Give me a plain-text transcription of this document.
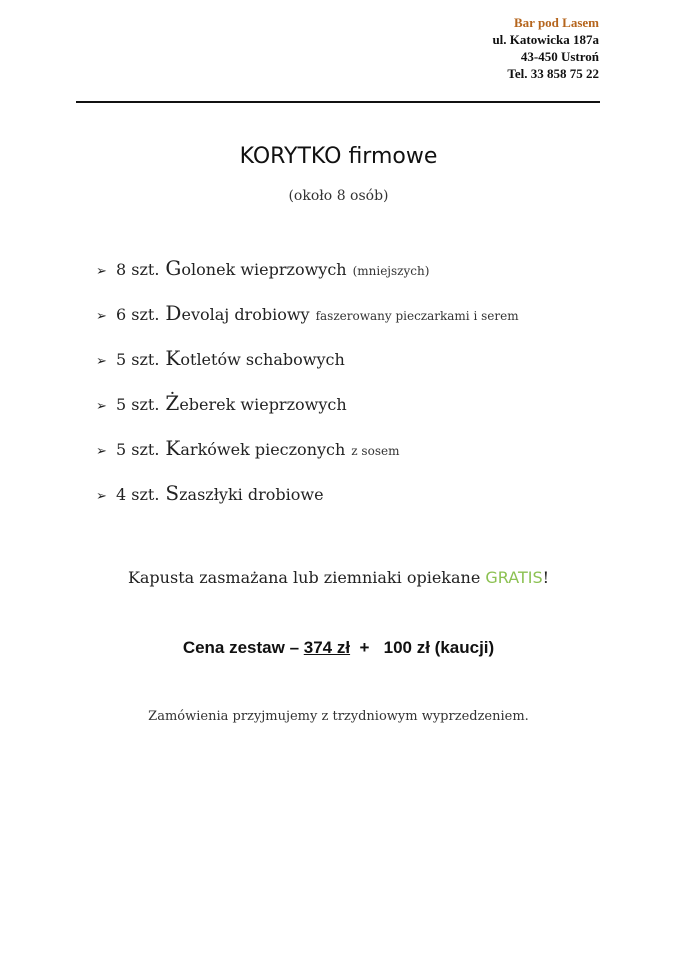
Bar pod Lasem
ul. Katowicka 187a
43-450 Ustroń
Tel. 33 858 75 22
KORYTKO firmowe
(około 8 osób)
➢ 8 szt. G olonek wieprzowych (mniejszych)
➢ 6 szt. D evolaj drobiowy faszerowany pieczarkami i serem
➢ 5 szt. K otletów schabowych
➢ 5 szt. Ż eberek wieprzowych
➢ 5 szt. K arkówek pieczonych z sosem
➢ 4 szt. S zaszłyki drobiowe
Kapusta zasmażana lub ziemniaki opiekane GRATIS!
Cena zestaw – 374 zł  +   100 zł (kaucji)
Zamówienia przyjmujemy z trzydniowym wyprzedzeniem.
